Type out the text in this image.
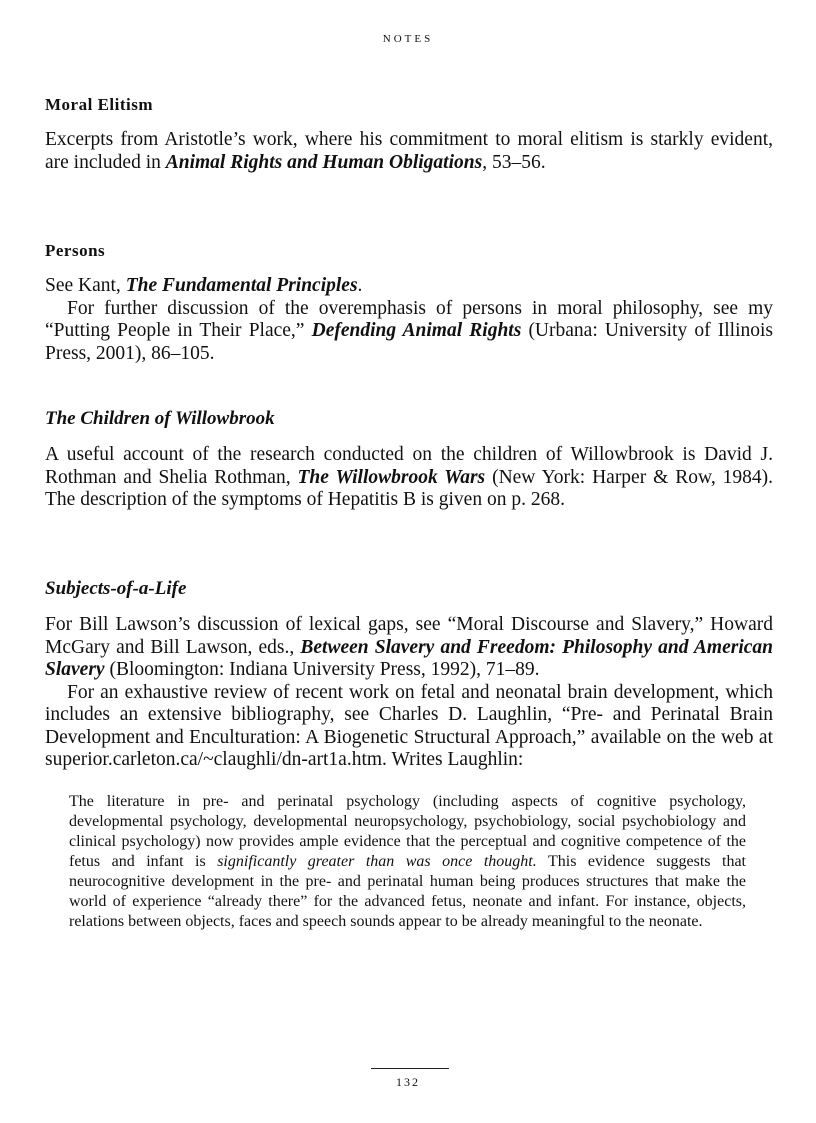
NOTES
Moral Elitism

Excerpts from Aristotle’s work, where his commitment to moral elitism is starkly evident, are included in Animal Rights and Human Obligations, 53–56.

Persons

See Kant, The Fundamental Principles.

For further discussion of the overemphasis of persons in moral philosophy, see my “Putting People in Their Place,” Defending Animal Rights (Urbana: University of Illinois Press, 2001), 86–105.

The Children of Willowbrook

A useful account of the research conducted on the children of Willowbrook is David J. Rothman and Shelia Rothman, The Willowbrook Wars (New York: Harper & Row, 1984). The description of the symptoms of Hepatitis B is given on p. 268.

Subjects-of-a-Life

For Bill Lawson’s discussion of lexical gaps, see “Moral Discourse and Slavery,” Howard McGary and Bill Lawson, eds., Between Slavery and Freedom: Philosophy and American Slavery (Bloomington: Indiana University Press, 1992), 71–89.

For an exhaustive review of recent work on fetal and neonatal brain development, which includes an extensive bibliography, see Charles D. Laughlin, “Pre- and Perinatal Brain Development and Enculturation: A Biogenetic Structural Approach,” available on the web at superior.carleton.ca/~claughli/dn-art1a.htm. Writes Laughlin:

The literature in pre- and perinatal psychology (including aspects of cognitive psychology, developmental psychology, developmental neuropsychology, psychobiology, social psychobiology and clinical psychology) now provides ample evidence that the perceptual and cognitive competence of the fetus and infant is significantly greater than was once thought. This evidence suggests that neurocognitive development in the pre- and perinatal human being produces structures that make the world of experience “already there” for the advanced fetus, neonate and infant. For instance, objects, relations between objects, faces and speech sounds appear to be already meaningful to the neonate.
132
